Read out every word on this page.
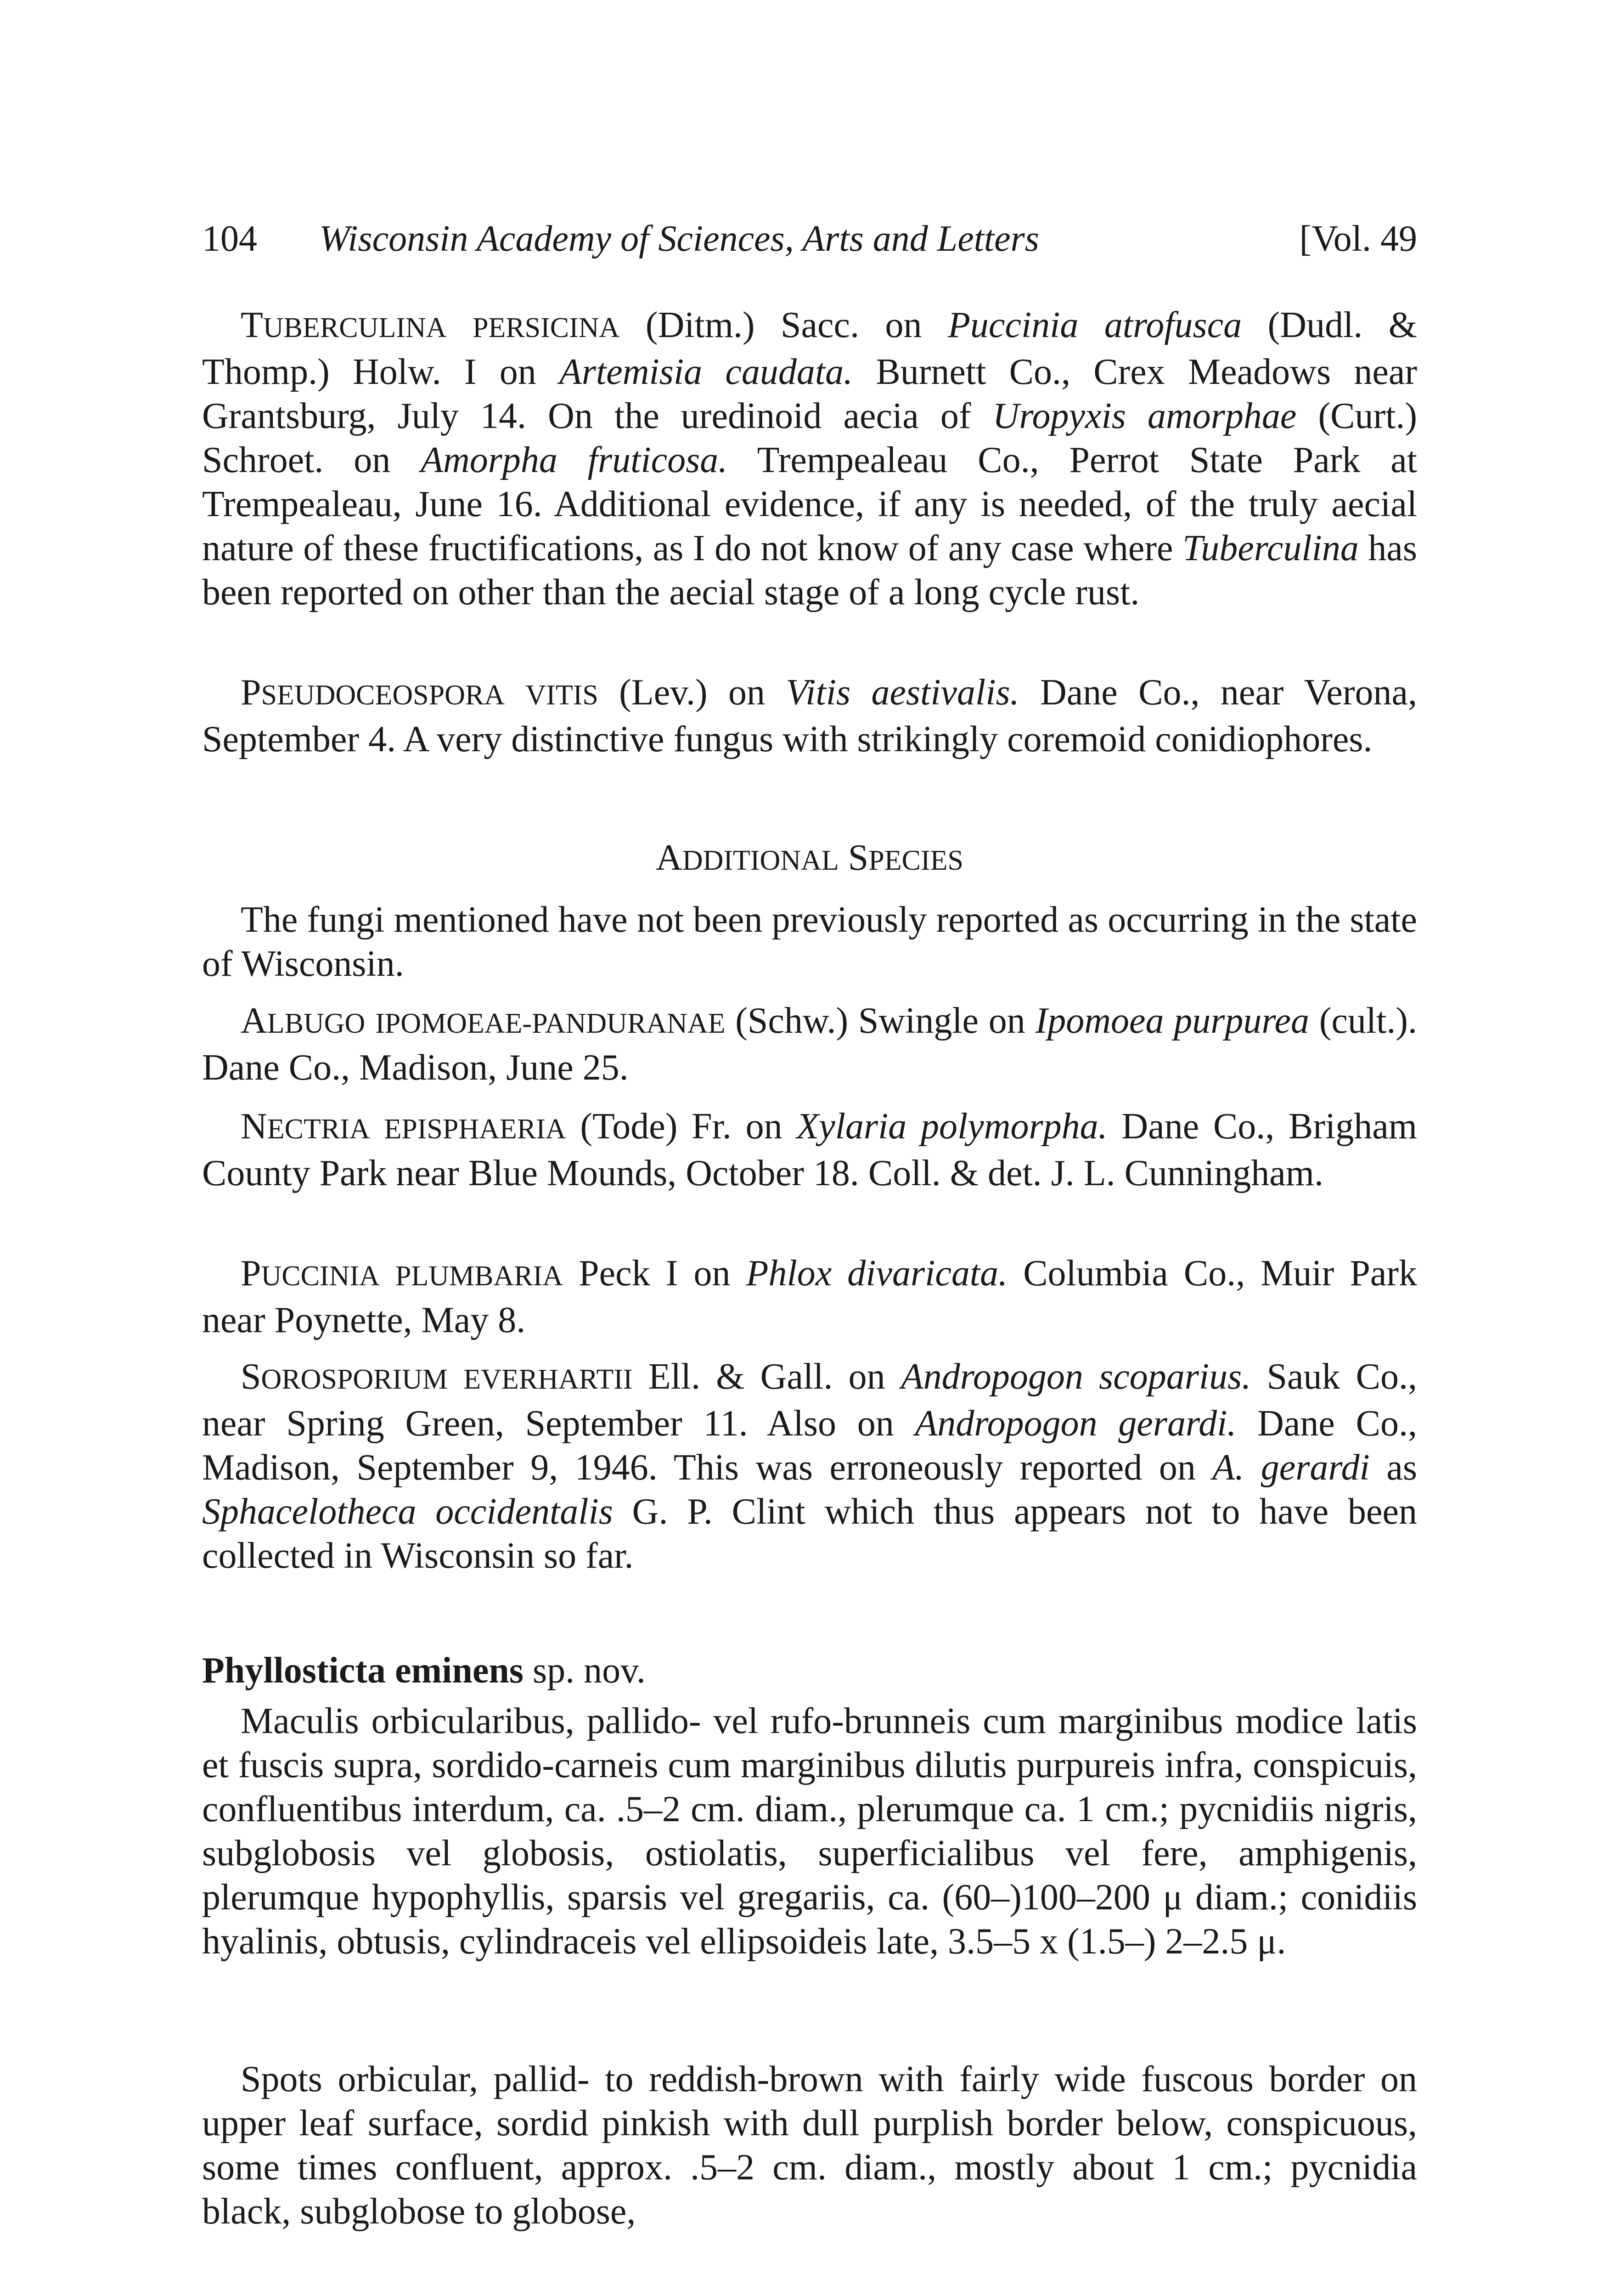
104 Wisconsin Academy of Sciences, Arts and Letters	[Vol. 49

TUBERCULINA PERSICINA (Ditm.) Sacc. on Puccinia atrofusca (Dudl. & Thomp.) Holw. I on Artemisia caudata. Burnett Co., Crex Meadows near Grantsburg, July 14. On the uredinoid aecia of Uropyxis amorphae (Curt.) Schroet. on Amorpha fruticosa. Trempealeau Co., Perrot State Park at Trempealeau, June 16. Additional evidence, if any is needed, of the truly aecial nature of these fructifications, as I do not know of any case where Tuberculina has been reported on other than the aecial stage of a long cycle rust.

PSEUDOCEOSPORA VITIS (Lev.) on Vitis aestivalis. Dane Co., near Verona, September 4. A very distinctive fungus with strikingly coremoid conidiophores.

ADDITIONAL SPECIES

The fungi mentioned have not been previously reported as occurring in the state of Wisconsin.

ALBUGO IPOMOEAE-PANDURANAE (Schw.) Swingle on Ipomoea purpurea (cult.). Dane Co., Madison, June 25.

NECTRIA EPISPHAERIA (Tode) Fr. on Xylaria polymorpha. Dane Co., Brigham County Park near Blue Mounds, October 18. Coll. & det. J. L. Cunningham.

PUCCINIA PLUMBARIA Peck I on Phlox divaricata. Columbia Co., Muir Park near Poynette, May 8.

SOROSPORIUM EVERHARTII Ell. & Gall. on Andropogon scoparius. Sauk Co., near Spring Green, September 11. Also on Andropogon gerardi. Dane Co., Madison, September 9, 1946. This was erroneously reported on A. gerardi as Sphacelotheca occidentalis G. P. Clint which thus appears not to have been collected in Wisconsin so far.

Phyllosticta eminens sp. nov.

Maculis orbicularibus, pallido- vel rufo-brunneis cum marginibus modice latis et fuscis supra, sordido-carneis cum marginibus dilutis purpureis infra, conspicuis, confluentibus interdum, ca. .5–2 cm. diam., plerumque ca. 1 cm.; pycnidiis nigris, subglobosis vel globosis, ostiolatis, superficialibus vel fere, amphigenis, plerumque hypophyllis, sparsis vel gregariis, ca. (60–)100–200 μ diam.; conidiis hyalinis, obtusis, cylindraceis vel ellipsoideis late, 3.5–5 x (1.5–) 2–2.5 μ.

Spots orbicular, pallid- to reddish-brown with fairly wide fuscous border on upper leaf surface, sordid pinkish with dull purplish border below, conspicuous, some times confluent, approx. .5–2 cm. diam., mostly about 1 cm.; pycnidia black, subglobose to globose,
